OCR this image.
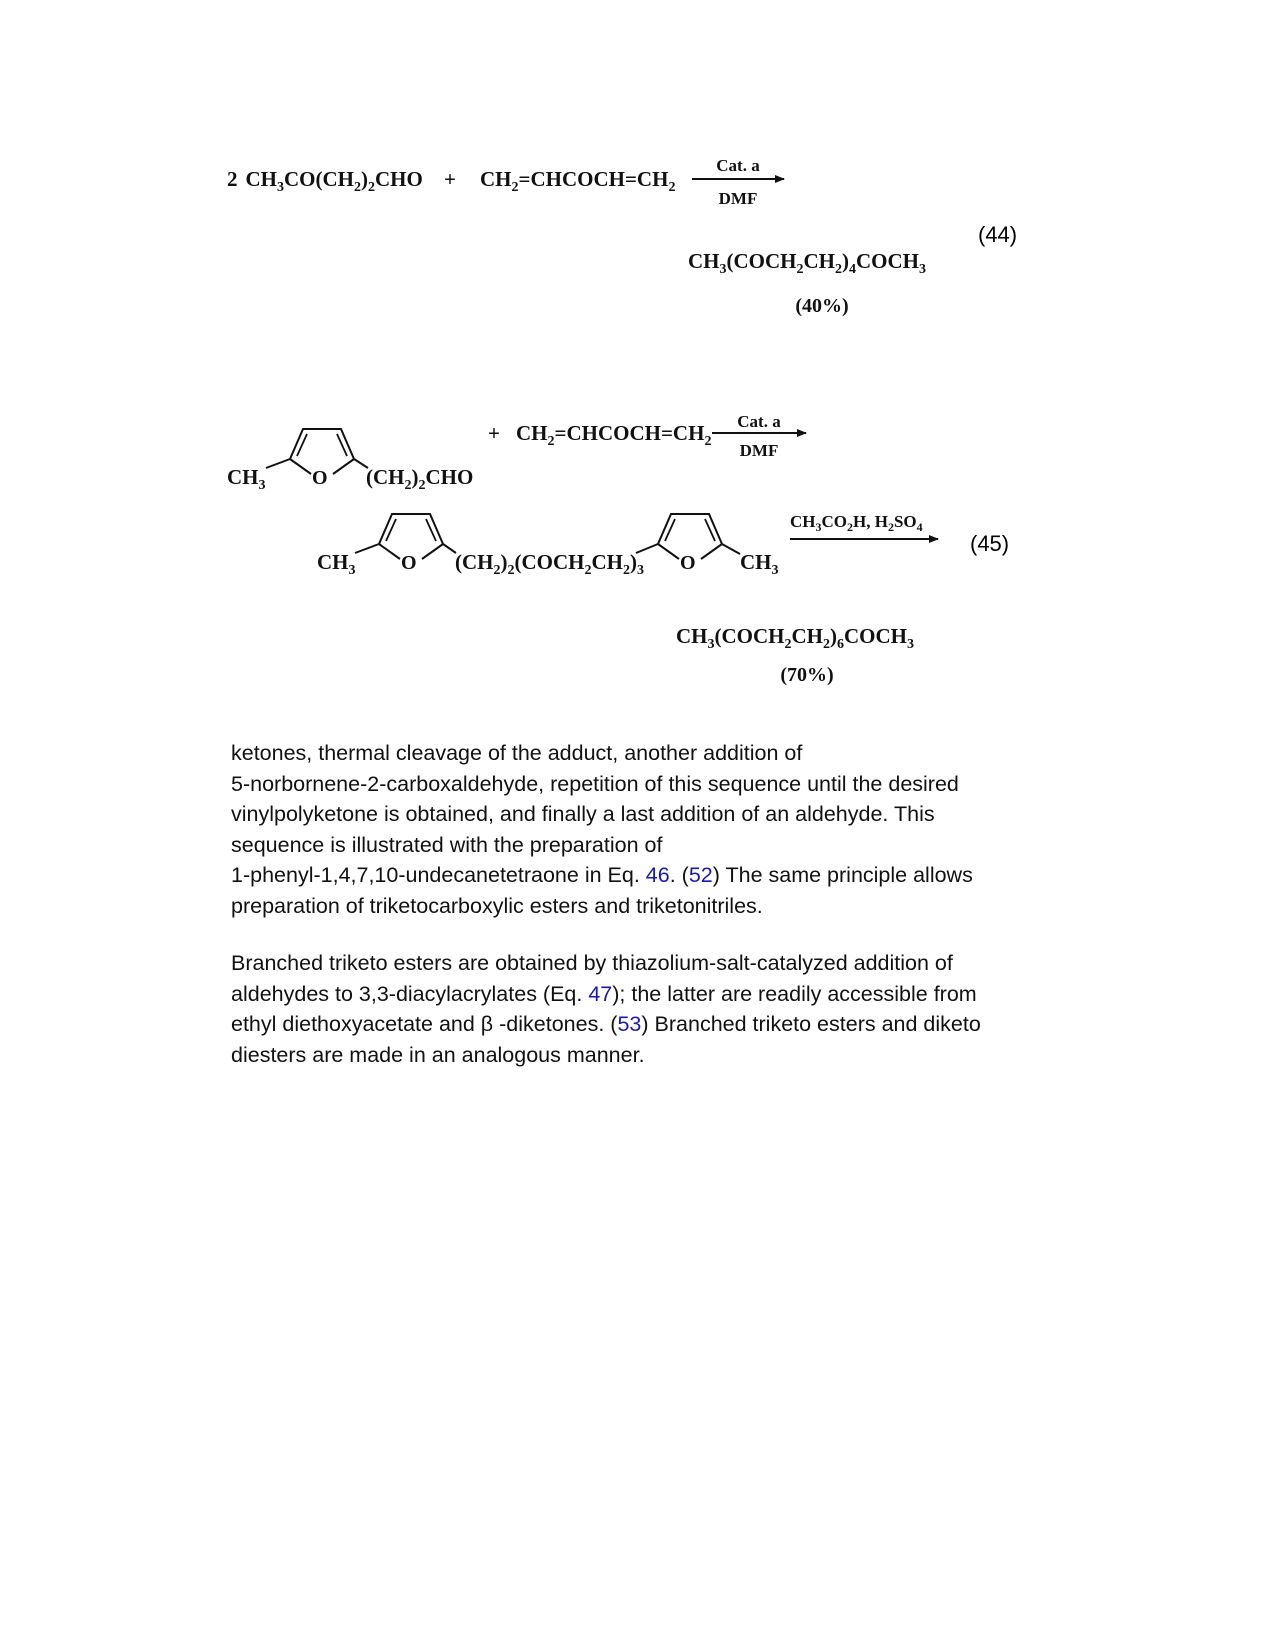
2 $CH_3CO(CH_2)_2CHO$ + $CH_2=CHCOCH=CH_2$
Cat. a
DMF
(44)
$CH_3(COCH_2CH_2)_4COCH_3$
(40%)
O
$CH_3$	$(CH_2)_2CHO$
+ $CH_2=CHCOCH=CH_2$
Cat. a
DMF
O
$CH_3$	$(CH_2)_2(COCH_2CH_2)_3$ O $CH_3$
$CH_3CO_2H$, $H_2SO_4$
(45)
$CH_3(COCH_2CH_2)_6COCH_3$
(70%)

ketones, thermal cleavage of the adduct, another addition of

5-norbornene-2-carboxaldehyde, repetition of this sequence until the desired

vinylpolyketone is obtained, and finally a last addition of an aldehyde. This

sequence is illustrated with the preparation of

1-phenyl-1,4,7,10-undecanetetraone in Eq. 46. (52) The same principle allows

preparation of triketocarboxylic esters and triketonitriles.

Branched triketo esters are obtained by thiazolium-salt-catalyzed addition of

aldehydes to 3,3-diacylacrylates (Eq. 47); the latter are readily accessible from

ethyl diethoxyacetate and β -diketones. (53) Branched triketo esters and diketo

diesters are made in an analogous manner.
